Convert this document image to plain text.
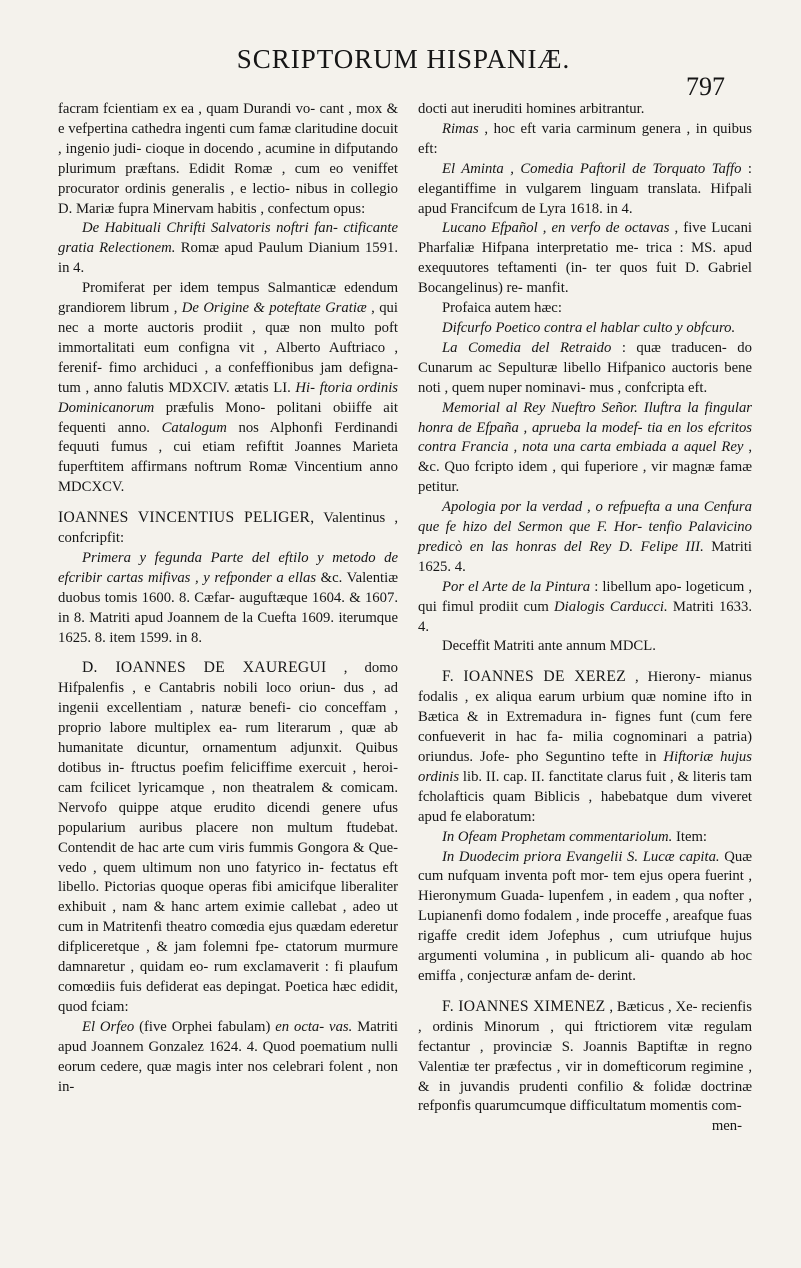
SCRIPTORUM HISPANIÆ.
797

facram fcientiam ex ea , quam Durandi vo- cant , mox & e vefpertina cathedra ingenti cum famæ claritudine docuit , ingenio judi- cioque in docendo , acumine in difputando plurimum præftans. Edidit Romæ , cum eo veniffet procurator ordinis generalis , e lectio- nibus in collegio D. Mariæ fupra Minervam habitis , confectum opus:

De Habituali Chrifti Salvatoris noftri fan- ctificante gratia Relectionem. Romæ apud Paulum Dianium 1591. in 4.

Promiferat per idem tempus Salmanticæ edendum grandiorem librum , De Origine & poteftate Gratiæ , qui nec a morte auctoris prodiit , quæ non multo poft immortalitati eum configna vit , Alberto Auftriaco , ferenif- fimo archiduci , a confeffionibus jam defigna- tum , anno falutis MDXCIV. ætatis LI. Hi- ftoria ordinis Dominicanorum præfulis Mono- politani obiiffe ait fequenti anno. Catalogum nos Alphonfi Ferdinandi fequuti fumus , cui etiam refiftit Joannes Marieta fuperftitem affirmans noftrum Romæ Vincentium anno MDCXCV.

IOANNES VINCENTIUS PELIGER, Valentinus , confcripfit:

Primera y fegunda Parte del eftilo y metodo de efcribir cartas mifivas , y refponder a ellas &c. Valentiæ duobus tomis 1600. 8. Cæfar- auguftæque 1604. & 1607. in 8. Matriti apud Joannem de la Cuefta 1609. iterumque 1625. 8. item 1599. in 8.

D. IOANNES DE XAUREGUI , domo Hifpalenfis , e Cantabris nobili loco oriun- dus , ad ingenii excellentiam , naturæ benefi- cio conceffam , proprio labore multiplex ea- rum literarum , quæ ab humanitate dicuntur, ornamentum adjunxit. Quibus dotibus in- ftructus poefim feliciffime exercuit , heroi- cam fcilicet lyricamque , non theatralem & comicam. Nervofo quippe atque erudito dicendi genere ufus popularium auribus placere non multum ftudebat. Contendit de hac arte cum viris fummis Gongora & Que- vedo , quem ultimum non uno fatyrico in- fectatus eft libello. Pictorias quoque operas fibi amicifque liberaliter exhibuit , nam & hanc artem eximie callebat , adeo ut cum in Matritenfi theatro comœdia ejus quædam ederetur difpliceretque , & jam folemni fpe- ctatorum murmure damnaretur , quidam eo- rum exclamaverit : fi plaufum comœdiis fuis defiderat eas depingat. Poetica hæc edidit, quod fciam:

El Orfeo (five Orphei fabulam) en octa- vas. Matriti apud Joannem Gonzalez 1624. 4. Quod poematium nulli eorum cedere, quæ magis inter nos celebrari folent , non in-

docti aut ineruditi homines arbitrantur.

Rimas , hoc eft varia carminum genera , in quibus eft:

El Aminta , Comedia Paftoril de Torquato Taffo : elegantiffime in vulgarem linguam translata. Hifpali apud Francifcum de Lyra 1618. in 4.

Lucano Efpañol , en verfo de octavas , five Lucani Pharfaliæ Hifpana interpretatio me- trica : MS. apud exequutores teftamenti (in- ter quos fuit D. Gabriel Bocangelinus) re- manfit.

Profaica autem hæc:

Difcurfo Poetico contra el hablar culto y obfcuro.

La Comedia del Retraido : quæ traducen- do Cunarum ac Sepulturæ libello Hifpanico auctoris bene noti , quem nuper nominavi- mus , confcripta eft.

Memorial al Rey Nueftro Señor. Iluftra la fingular honra de Efpaña , aprueba la modef- tia en los efcritos contra Francia , nota una carta embiada a aquel Rey , &c. Quo fcripto idem , qui fuperiore , vir magnæ famæ petitur.

Apologia por la verdad , o refpuefta a una Cenfura que fe hizo del Sermon que F. Hor- tenfio Palavicino predicò en las honras del Rey D. Felipe III. Matriti 1625. 4.

Por el Arte de la Pintura : libellum apo- logeticum , qui fimul prodiit cum Dialogis Carducci. Matriti 1633. 4.

Deceffit Matriti ante annum MDCL.

F. IOANNES DE XEREZ , Hierony- mianus fodalis , ex aliqua earum urbium quæ nomine ifto in Bætica & in Extremadura in- fignes funt (cum fere confueverit in hac fa- milia cognominari a patria) oriundus. Jofe- pho Seguntino tefte in Hiftoriæ hujus ordinis lib. II. cap. II. fanctitate clarus fuit , & literis tam fcholafticis quam Biblicis , habebatque dum viveret apud fe elaboratum:

In Ofeam Prophetam commentariolum. Item:

In Duodecim priora Evangelii S. Lucæ capita. Quæ cum nufquam inventa poft mor- tem ejus opera fuerint , Hieronymum Guada- lupenfem , in eadem , qua nofter , Lupianenfi domo fodalem , inde proceffe , areafque fuas rigaffe credit idem Jofephus , cum utriufque hujus argumenti volumina , in publicum ali- quando ab hoc emiffa , conjecturæ anfam de- derint.

F. IOANNES XIMENEZ , Bæticus , Xe- recienfis , ordinis Minorum , qui ftrictiorem vitæ regulam fectantur , provinciæ S. Joannis Baptiftæ in regno Valentiæ ter præfectus , vir in domefticorum regimine , & in juvandis prudenti confilio & folidæ doctrinæ refponfis quarumcumque difficultatum momentis com-

men-
